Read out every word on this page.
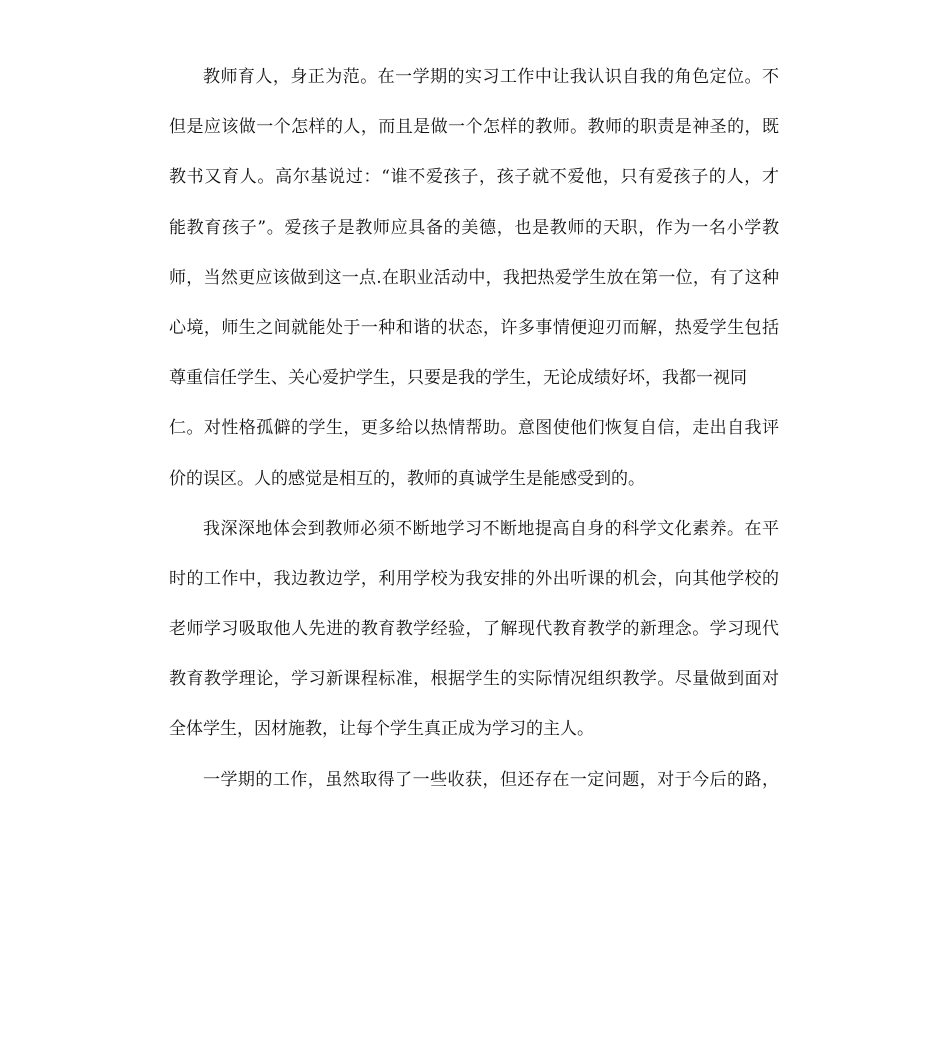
教师育人，身正为范。在一学期的实习工作中让我认识自我的角色定位。不
但是应该做一个怎样的人，而且是做一个怎样的教师。教师的职责是神圣的，既
教书又育人。高尔基说过：“谁不爱孩子，孩子就不爱他，只有爱孩子的人，才
能教育孩子”。爱孩子是教师应具备的美德，也是教师的天职，作为一名小学教
师，当然更应该做到这一点.在职业活动中，我把热爱学生放在第一位，有了这种
心境，师生之间就能处于一种和谐的状态，许多事情便迎刃而解，热爱学生包括
尊重信任学生、关心爱护学生，只要是我的学生，无论成绩好坏，我都一视同
仁。对性格孤僻的学生，更多给以热情帮助。意图使他们恢复自信，走出自我评
价的误区。人的感觉是相互的，教师的真诚学生是能感受到的。
我深深地体会到教师必须不断地学习不断地提高自身的科学文化素养。在平
时的工作中，我边教边学，利用学校为我安排的外出听课的机会，向其他学校的
老师学习吸取他人先进的教育教学经验，了解现代教育教学的新理念。学习现代
教育教学理论，学习新课程标准，根据学生的实际情况组织教学。尽量做到面对
全体学生，因材施教，让每个学生真正成为学习的主人。
一学期的工作，虽然取得了一些收获，但还存在一定问题，对于今后的路，
